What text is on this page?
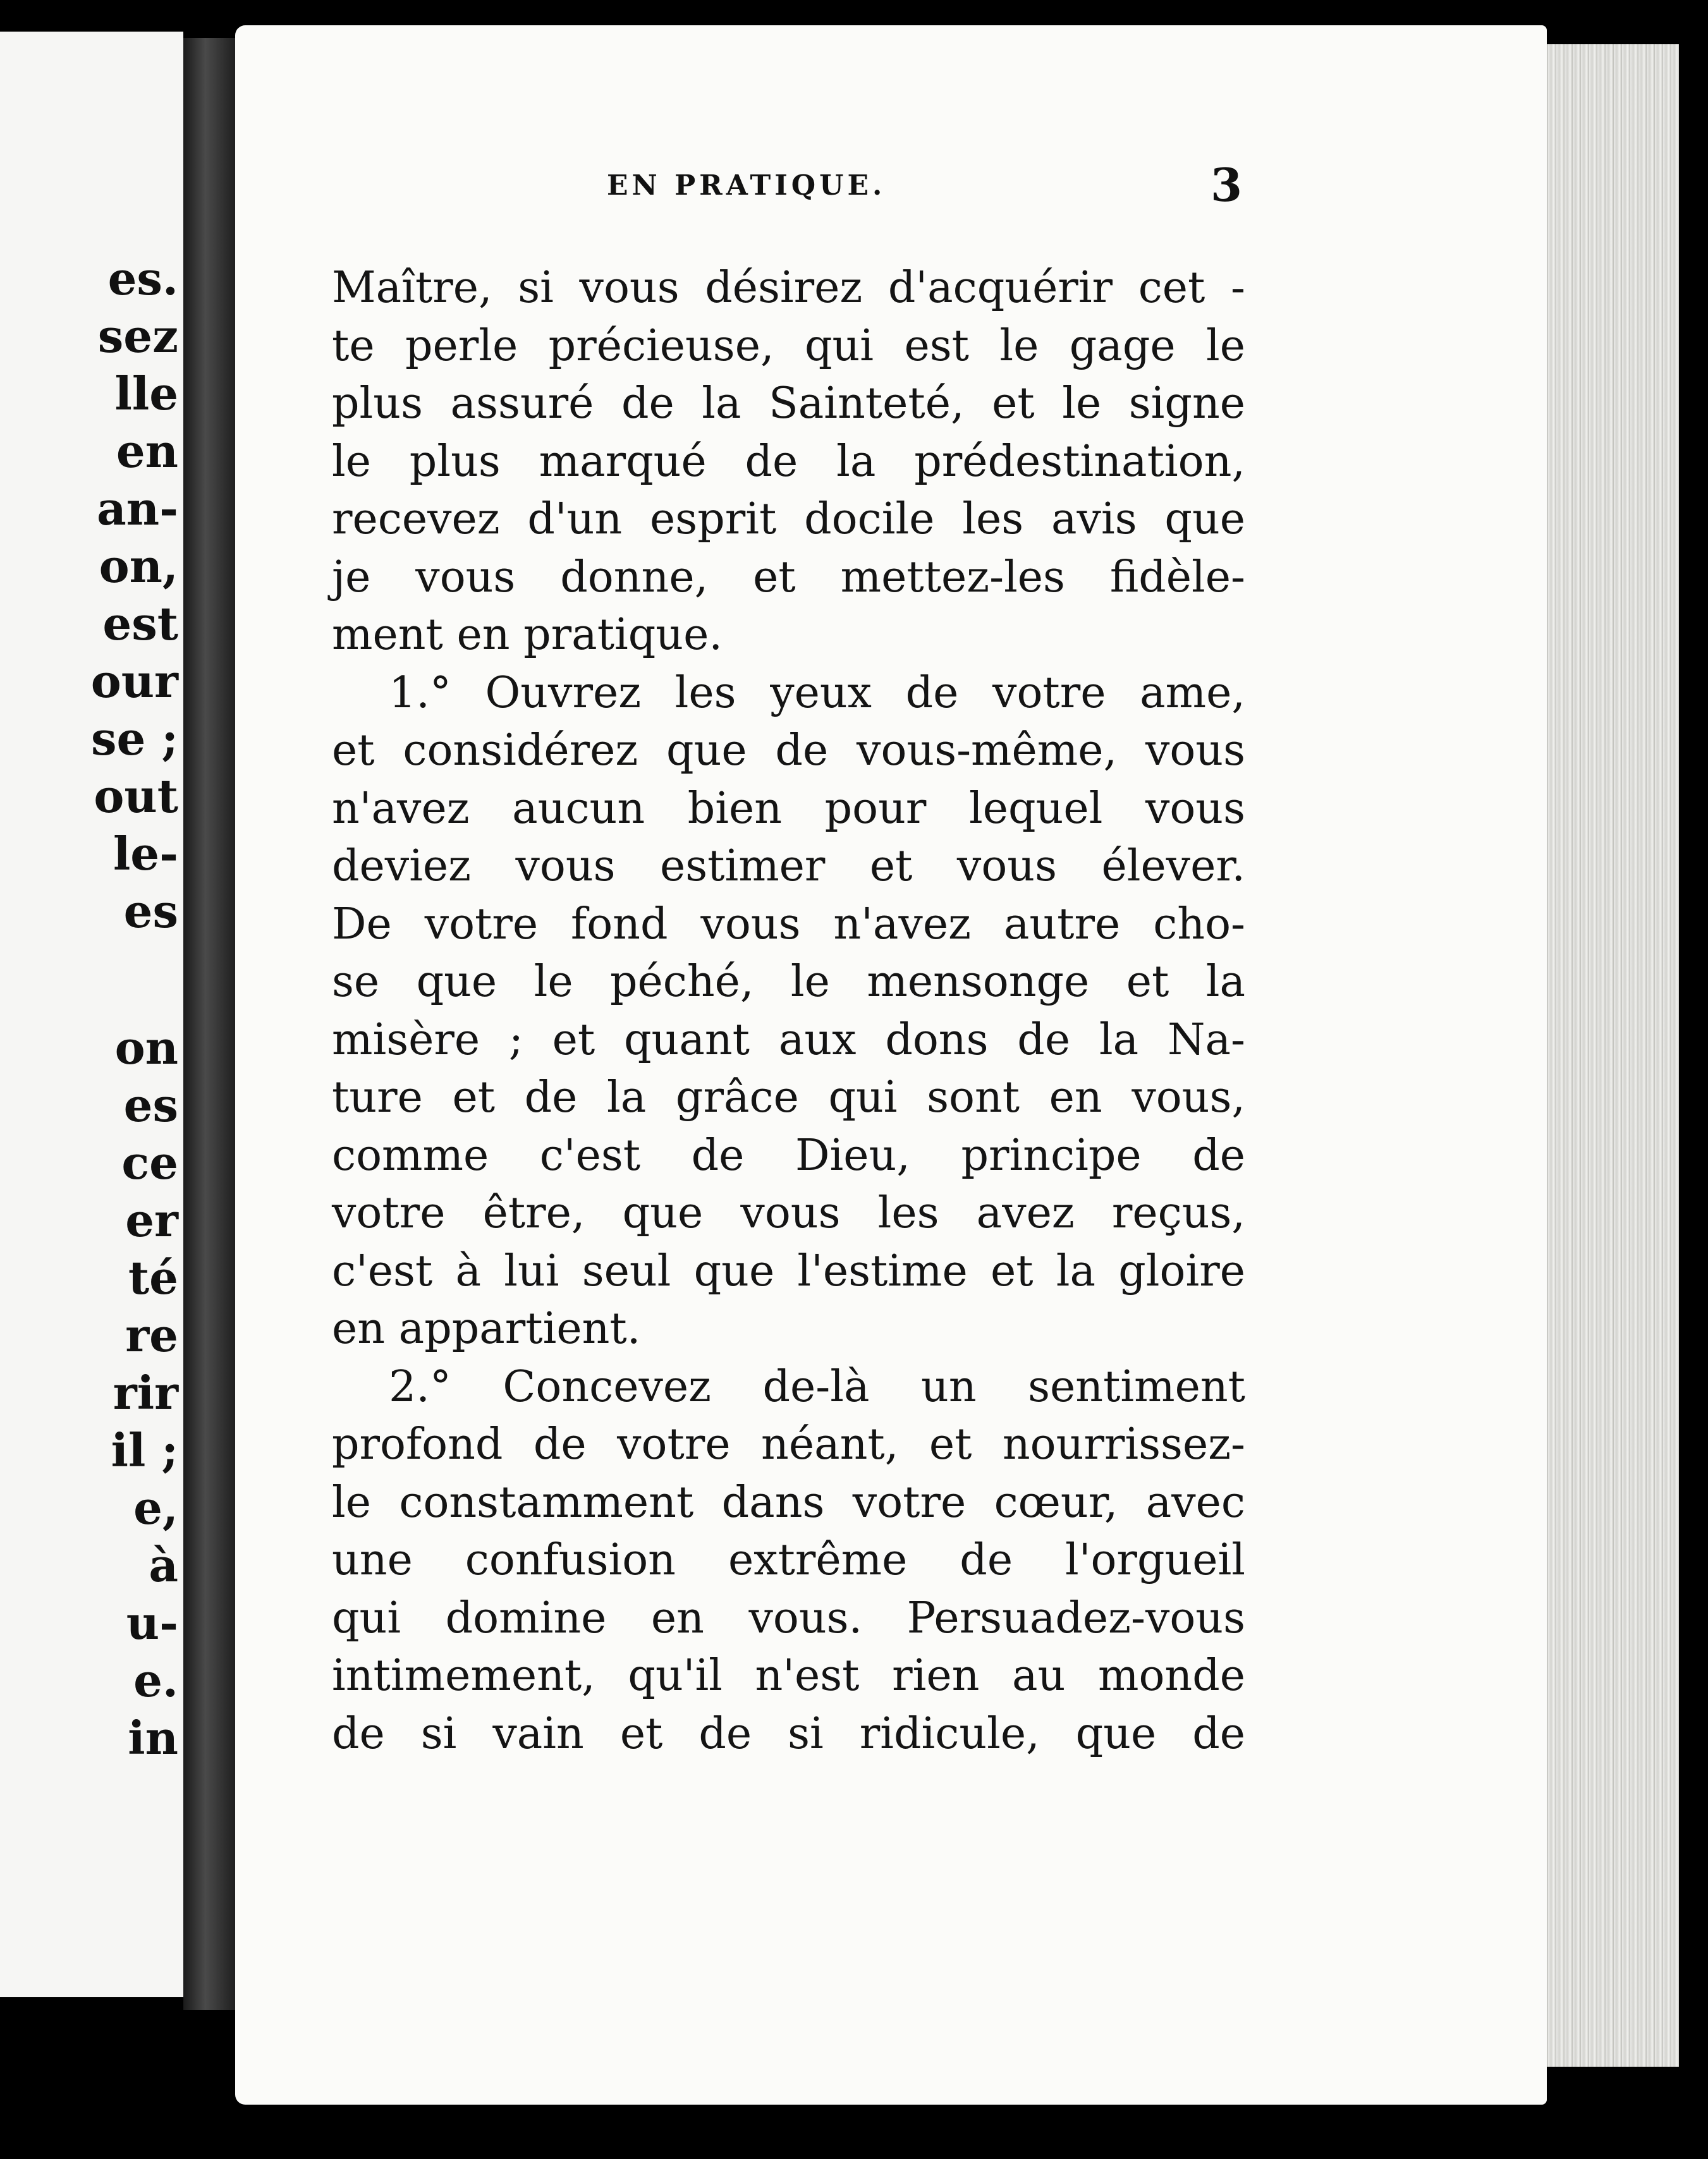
es.
sez
lle
en
an-
on,
est
our
se ;
out
le-
es
on
es
ce
er
té
re
rir
il ;
e,
à
u-
e.
in
EN PRATIQUE.	3
Maître, si vous désirez d'acquérir cet -
te perle précieuse, qui est le gage le
plus assuré de la Sainteté, et le signe
le plus marqué de la prédestination,
recevez d'un esprit docile les avis que
je vous donne, et mettez-les fidèle-
ment en pratique.
1.° Ouvrez les yeux de votre ame,
et considérez que de vous-même, vous
n'avez aucun bien pour lequel vous
deviez vous estimer et vous élever.
De votre fond vous n'avez autre cho-
se que le péché, le mensonge et la
misère ; et quant aux dons de la Na-
ture et de la grâce qui sont en vous,
comme c'est de Dieu, principe de
votre être, que vous les avez reçus,
c'est à lui seul que l'estime et la gloire
en appartient.
2.° Concevez de-là un sentiment
profond de votre néant, et nourrissez-
le constamment dans votre cœur, avec
une confusion extrême de l'orgueil
qui domine en vous. Persuadez-vous
intimement, qu'il n'est rien au monde
de si vain et de si ridicule, que de
